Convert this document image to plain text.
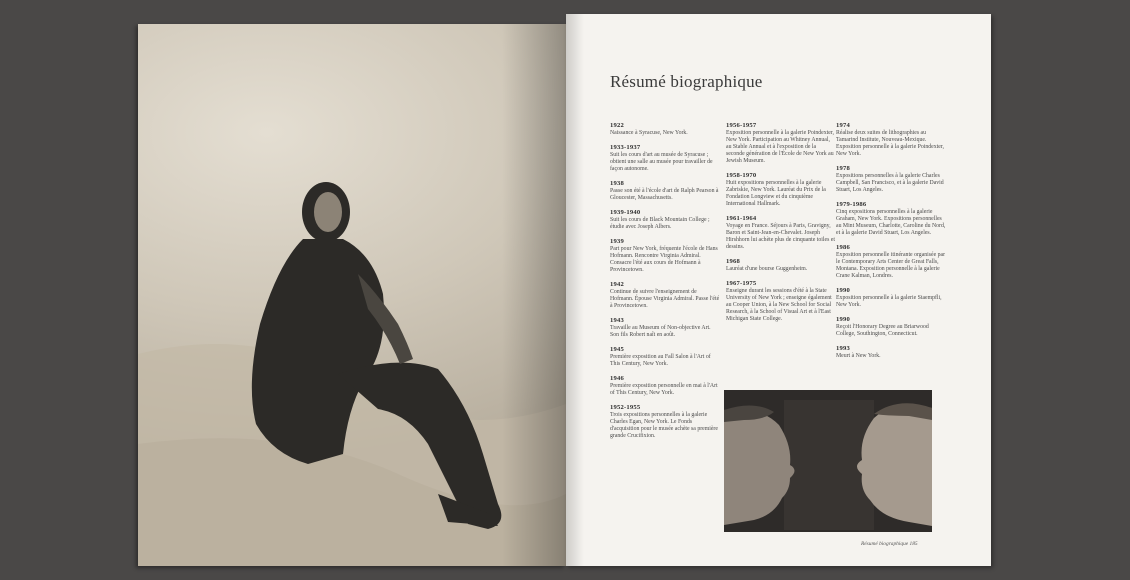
Résumé biographique
1922
Naissance à Syracuse, New York.
1933-1937
Suit les cours d'art au musée de Syracuse ; obtient une salle au musée pour travailler de façon autonome.
1938
Passe son été à l'école d'art de Ralph Pearson à Gloucester, Massachusetts.
1939-1940
Suit les cours de Black Mountain College ; étudie avec Joseph Albers.
1939
Part pour New York, fréquente l'école de Hans Hofmann. Rencontre Virginia Admiral. Consacre l'été aux cours de Hofmann à Provincetown.
1942
Continue de suivre l'enseignement de Hofmann. Épouse Virginia Admiral. Passe l'été à Provincetown.
1943
Travaille au Museum of Non-objective Art. Son fils Robert naît en août.
1945
Première exposition au Fall Salon à l'Art of This Century, New York.
1946
Première exposition personnelle en mai à l'Art of This Century, New York.
1952-1955
Trois expositions personnelles à la galerie Charles Egan, New York. Le Fonds d'acquisition pour le musée achète sa première grande Crucifixion.
1956-1957
Exposition personnelle à la galerie Poindexter, New York. Participation au Whitney Annual, au Stable Annual et à l'exposition de la seconde génération de l'École de New York au Jewish Museum.
1958-1970
Huit expositions personnelles à la galerie Zabriskie, New York. Lauréat du Prix de la Fondation Longview et du cinquième International Hallmark.
1961-1964
Voyage en France. Séjours à Paris, Gravigny, Baron et Saint-Jean-en-Chevalet. Joseph Hirshhorn lui achète plus de cinquante toiles et dessins.
1968
Lauréat d'une bourse Guggenheim.
1967-1975
Enseigne durant les sessions d'été à la State University of New York ; enseigne également au Cooper Union, à la New School for Social Research, à la School of Visual Art et à l'East Michigan State College.
1974
Réalise deux suites de lithographies au Tamarind Institute, Nouveau-Mexique. Exposition personnelle à la galerie Poindexter, New York.
1978
Expositions personnelles à la galerie Charles Campbell, San Francisco, et à la galerie David Stuart, Los Angeles.
1979-1986
Cinq expositions personnelles à la galerie Graham, New York. Expositions personnelles au Mint Museum, Charlotte, Caroline du Nord, et à la galerie David Stuart, Los Angeles.
1986
Exposition personnelle itinérante organisée par le Contemporary Arts Center de Great Falls, Montana. Exposition personnelle à la galerie Crane Kalman, Londres.
1990
Exposition personnelle à la galerie Staempfli, New York.
1990
Reçoit l'Honorary Degree au Briarwood College, Southington, Connecticut.
1993
Meurt à New York.
Résumé biographique 185
